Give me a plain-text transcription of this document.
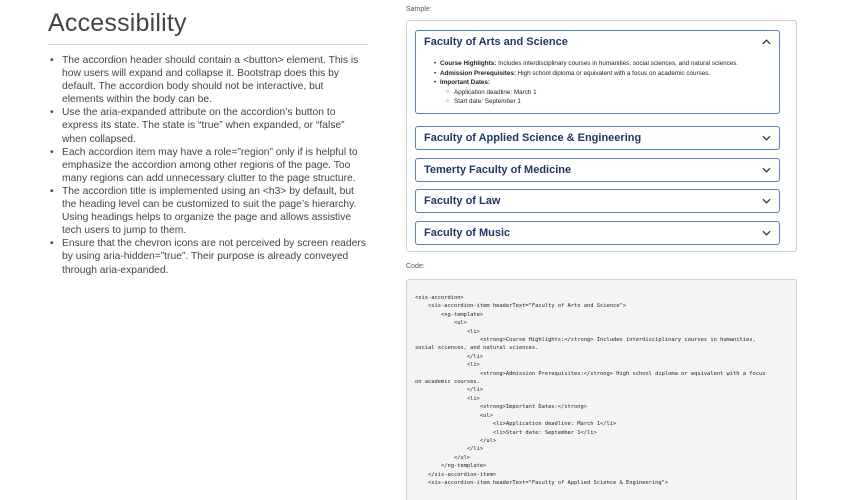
Accessibility
• The accordion header should contain a <button> element. This is how users will expand and collapse it. Bootstrap does this by default. The accordion body should not be interactive, but elements within the body can be.
• Use the aria-expanded attribute on the accordion’s button to express its state. The state is “true” when expanded, or “false” when collapsed.
• Each accordion item may have a role=”region” only if is helpful to emphasize the accordion among other regions of the page. Too many regions can add unnecessary clutter to the page structure.
• The accordion title is implemented using an <h3> by default, but the heading level can be customized to suit the page’s hierarchy. Using headings helps to organize the page and allows assistive tech users to jump to them.
• Ensure that the chevron icons are not perceived by screen readers by using aria-hidden=”true”. Their purpose is already conveyed through aria-expanded.
Sample:
Faculty of Arts and Science
• Course Highlights: Includes interdisciplinary courses in humanities, social sciences, and natural sciences.
• Admission Prerequisites: High school diploma or equivalent with a focus on academic courses.
• Important Dates:
○ Application deadline: March 1
○ Start date: September 1
Faculty of Applied Science & Engineering
Temerty Faculty of Medicine
Faculty of Law
Faculty of Music
Code:
<sis-accordion>
<sis-accordion-item headerText="Faculty of Arts and Science">
<ng-template>
<ul>
<li>
<strong>Course Highlights:</strong> Includes interdisciplinary courses in humanities,
social sciences, and natural sciences.
</li>
<li>
<strong>Admission Prerequisites:</strong> High school diploma or equivalent with a focus
on academic courses.
</li>
<li>
<strong>Important Dates:</strong>
<ul>
<li>Application deadline: March 1</li>
<li>Start date: September 1</li>
</ul>
</li>
</ul>
</ng-template>
</sis-accordion-item>
<sis-accordion-item headerText="Faculty of Applied Science & Engineering">
